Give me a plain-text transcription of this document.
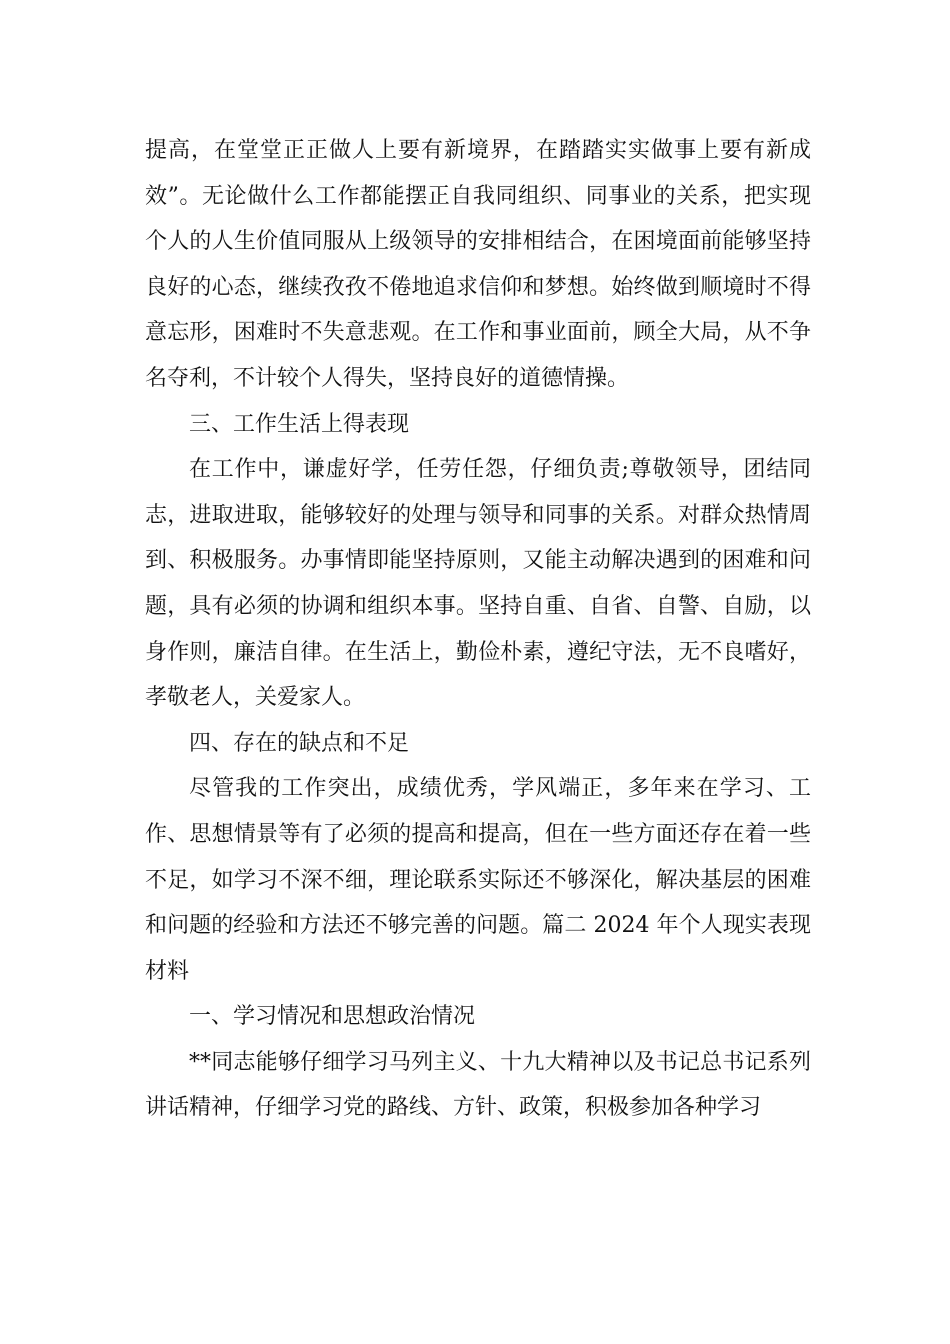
提高，在堂堂正正做人上要有新境界，在踏踏实实做事上要有新成效”。无论做什么工作都能摆正自我同组织、同事业的关系，把实现个人的人生价值同服从上级领导的安排相结合，在困境面前能够坚持良好的心态，继续孜孜不倦地追求信仰和梦想。始终做到顺境时不得意忘形，困难时不失意悲观。在工作和事业面前，顾全大局，从不争名夺利，不计较个人得失，坚持良好的道德情操。

三、工作生活上得表现

在工作中，谦虚好学，任劳任怨，仔细负责;尊敬领导，团结同志，进取进取，能够较好的处理与领导和同事的关系。对群众热情周到、积极服务。办事情即能坚持原则，又能主动解决遇到的困难和问题，具有必须的协调和组织本事。坚持自重、自省、自警、自励，以身作则，廉洁自律。在生活上，勤俭朴素，遵纪守法，无不良嗜好，孝敬老人，关爱家人。

四、存在的缺点和不足

尽管我的工作突出，成绩优秀，学风端正，多年来在学习、工作、思想情景等有了必须的提高和提高，但在一些方面还存在着一些不足，如学习不深不细，理论联系实际还不够深化，解决基层的困难和问题的经验和方法还不够完善的问题。篇二 2024 年个人现实表现材料

一、学习情况和思想政治情况

**同志能够仔细学习马列主义、十九大精神以及书记总书记系列讲话精神，仔细学习党的路线、方针、政策，积极参加各种学习
